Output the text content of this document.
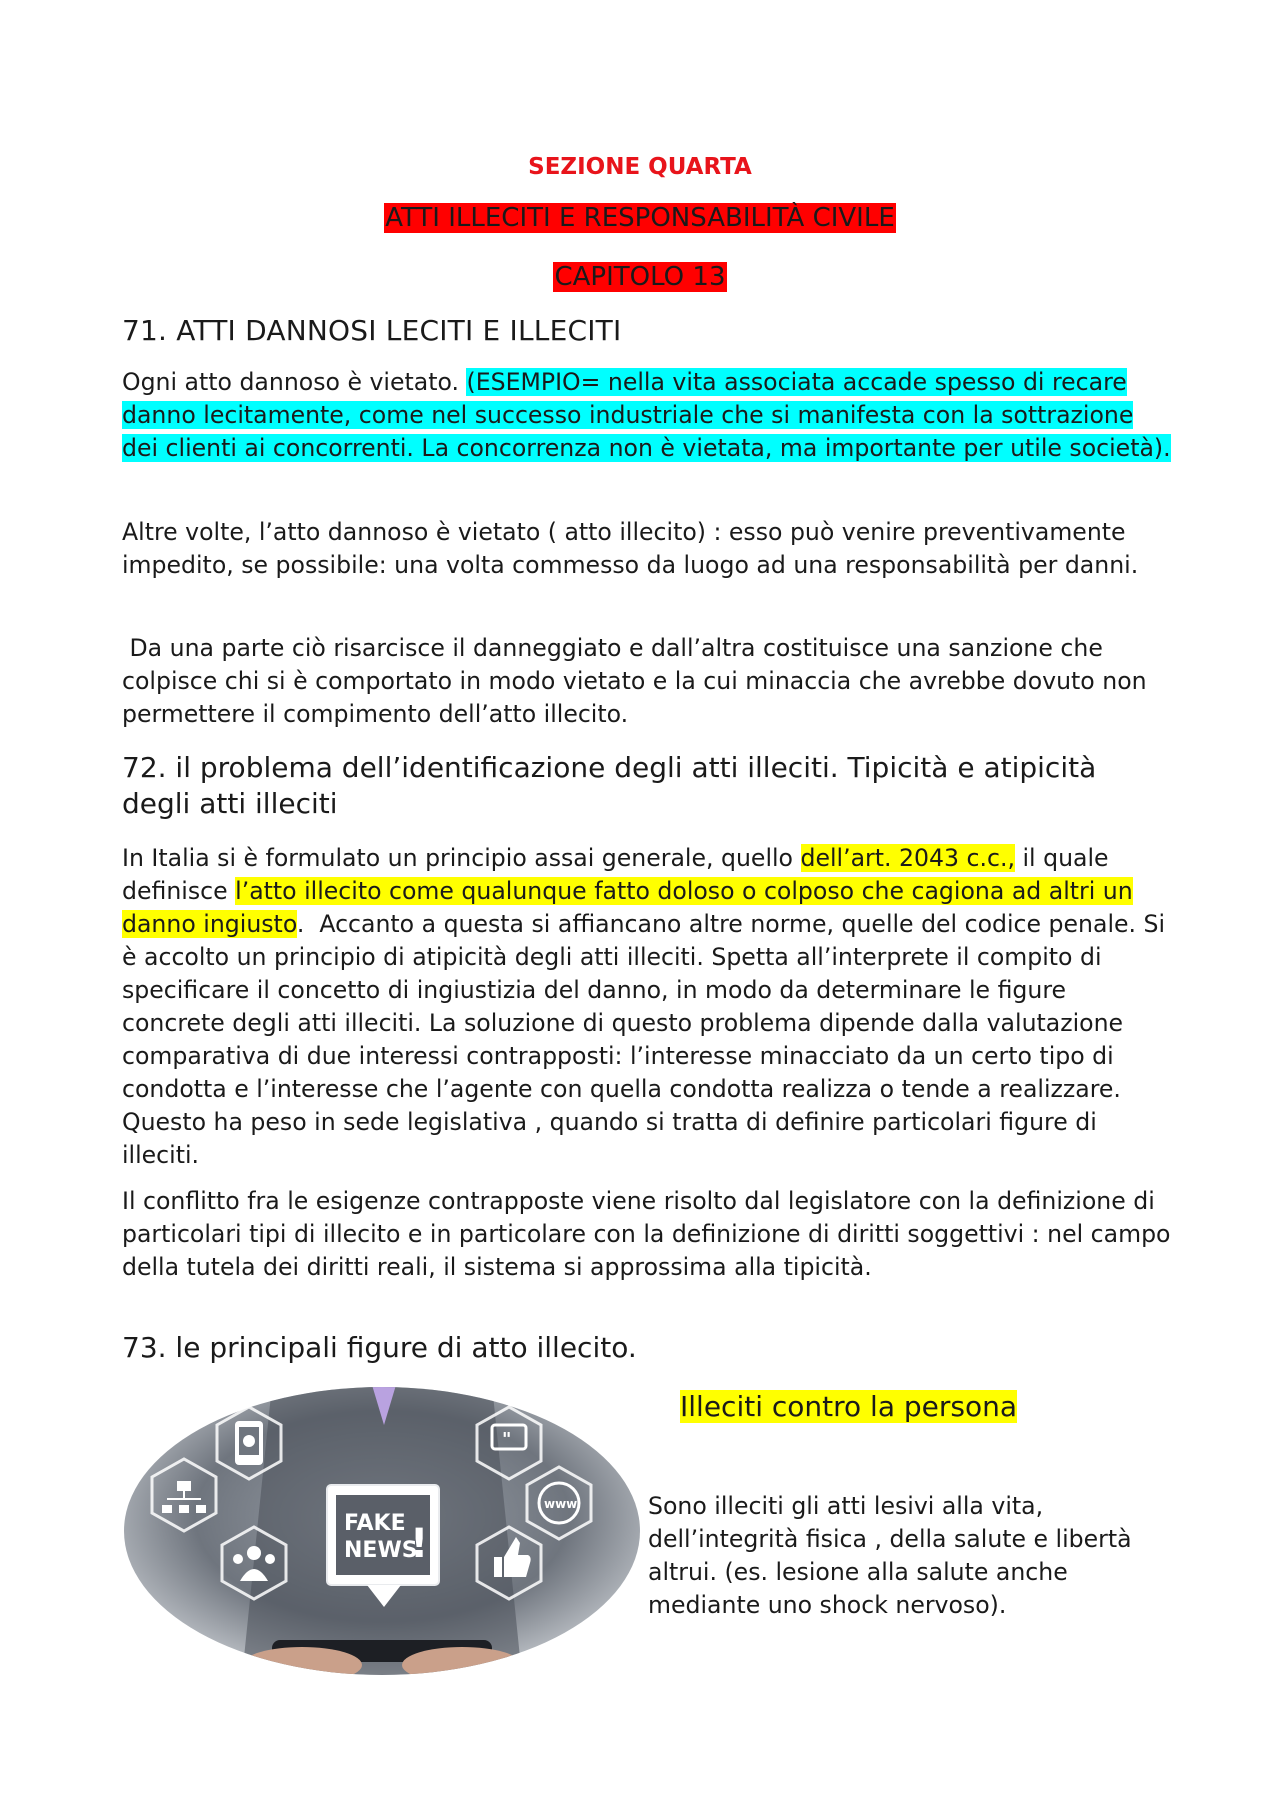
SEZIONE QUARTA
ATTI ILLECITI E RESPONSABILITÀ CIVILE
CAPITOLO 13
71. ATTI DANNOSI LECITI E ILLECITI

Ogni atto dannoso è vietato. (ESEMPIO= nella vita associata accade spesso di recare danno lecitamente, come nel successo industriale che si manifesta con la sottrazione dei clienti ai concorrenti. La concorrenza non è vietata, ma importante per utile società).

Altre volte, l’atto dannoso è vietato ( atto illecito) : esso può venire preventivamente impedito, se possibile: una volta commesso da luogo ad una responsabilità per danni.

Da una parte ciò risarcisce il danneggiato e dall’altra costituisce una sanzione che colpisce chi si è comportato in modo vietato e la cui minaccia che avrebbe dovuto non permettere il compimento dell’atto illecito.

72. il problema dell’identificazione degli atti illeciti. Tipicità e atipicità degli atti illeciti

In Italia si è formulato un principio assai generale, quello dell’art. 2043 c.c., il quale definisce l’atto illecito come qualunque fatto doloso o colposo che cagiona ad altri un danno ingiusto.  Accanto a questa si affiancano altre norme, quelle del codice penale. Si è accolto un principio di atipicità degli atti illeciti. Spetta all’interprete il compito di specificare il concetto di ingiustizia del danno, in modo da determinare le figure concrete degli atti illeciti. La soluzione di questo problema dipende dalla valutazione comparativa di due interessi contrapposti: l’interesse minacciato da un certo tipo di condotta e l’interesse che l’agente con quella condotta realizza o tende a realizzare. Questo ha peso in sede legislativa , quando si tratta di definire particolari figure di illeciti.

Il conflitto fra le esigenze contrapposte viene risolto dal legislatore con la definizione di particolari tipi di illecito e in particolare con la definizione di diritti soggettivi : nel campo della tutela dei diritti reali, il sistema si approssima alla tipicità.

73. le principali figure di atto illecito.

Illeciti contro la persona
FAKE
NEWS
!
"
www	Sono illeciti gli atti lesivi alla vita, dell’integrità fisica , della salute e libertà altrui. (es. lesione alla salute anche mediante uno shock nervoso).
